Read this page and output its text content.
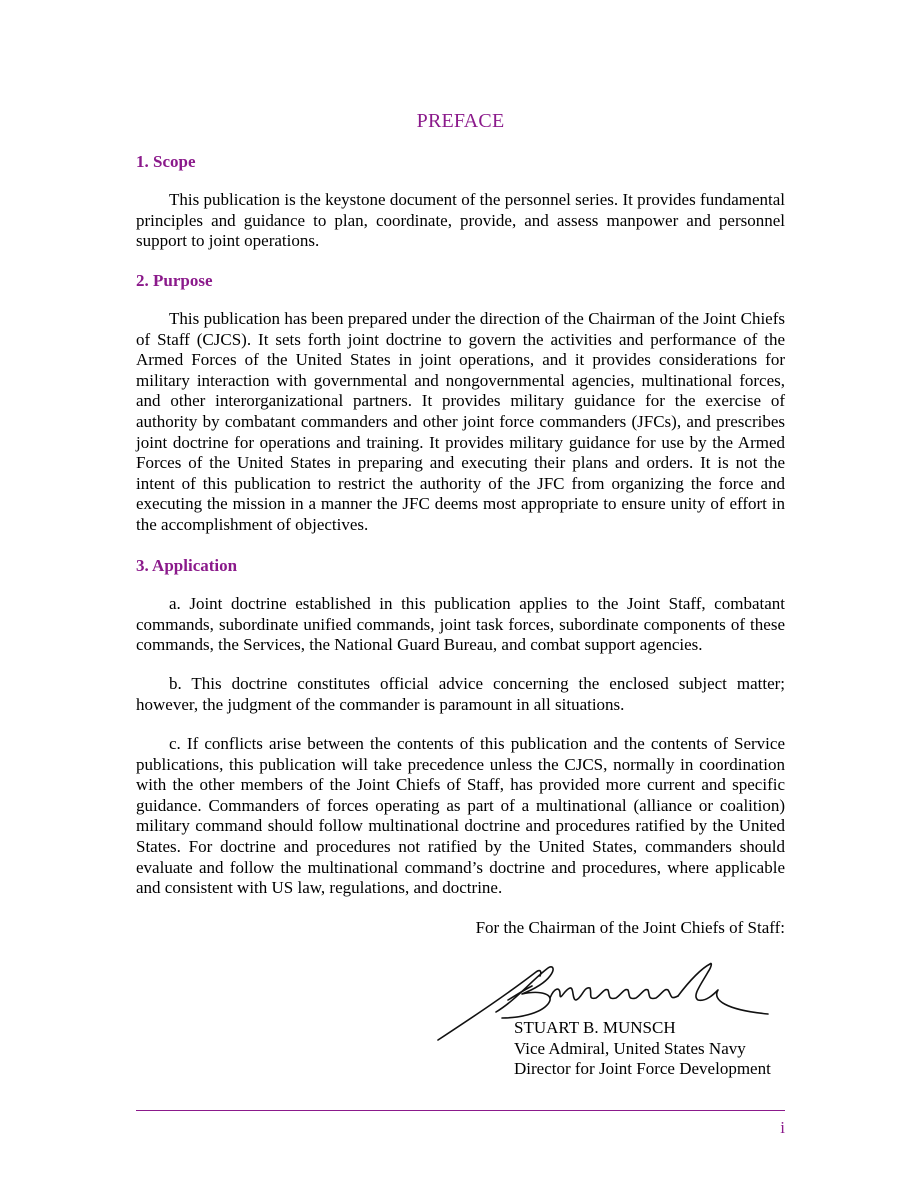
PREFACE
1. Scope

This publication is the keystone document of the personnel series. It provides fundamental principles and guidance to plan, coordinate, provide, and assess manpower and personnel support to joint operations.

2. Purpose

This publication has been prepared under the direction of the Chairman of the Joint Chiefs of Staff (CJCS). It sets forth joint doctrine to govern the activities and performance of the Armed Forces of the United States in joint operations, and it provides considerations for military interaction with governmental and nongovernmental agencies, multinational forces, and other interorganizational partners. It provides military guidance for the exercise of authority by combatant commanders and other joint force commanders (JFCs), and prescribes joint doctrine for operations and training. It provides military guidance for use by the Armed Forces of the United States in preparing and executing their plans and orders. It is not the intent of this publication to restrict the authority of the JFC from organizing the force and executing the mission in a manner the JFC deems most appropriate to ensure unity of effort in the accomplishment of objectives.

3. Application

a. Joint doctrine established in this publication applies to the Joint Staff, combatant commands, subordinate unified commands, joint task forces, subordinate components of these commands, the Services, the National Guard Bureau, and combat support agencies.

b. This doctrine constitutes official advice concerning the enclosed subject matter; however, the judgment of the commander is paramount in all situations.

c. If conflicts arise between the contents of this publication and the contents of Service publications, this publication will take precedence unless the CJCS, normally in coordination with the other members of the Joint Chiefs of Staff, has provided more current and specific guidance. Commanders of forces operating as part of a multinational (alliance or coalition) military command should follow multinational doctrine and procedures ratified by the United States. For doctrine and procedures not ratified by the United States, commanders should evaluate and follow the multinational command’s doctrine and procedures, where applicable and consistent with US law, regulations, and doctrine.

For the Chairman of the Joint Chiefs of Staff:
STUART B. MUNSCH
Vice Admiral, United States Navy
Director for Joint Force Development
i
